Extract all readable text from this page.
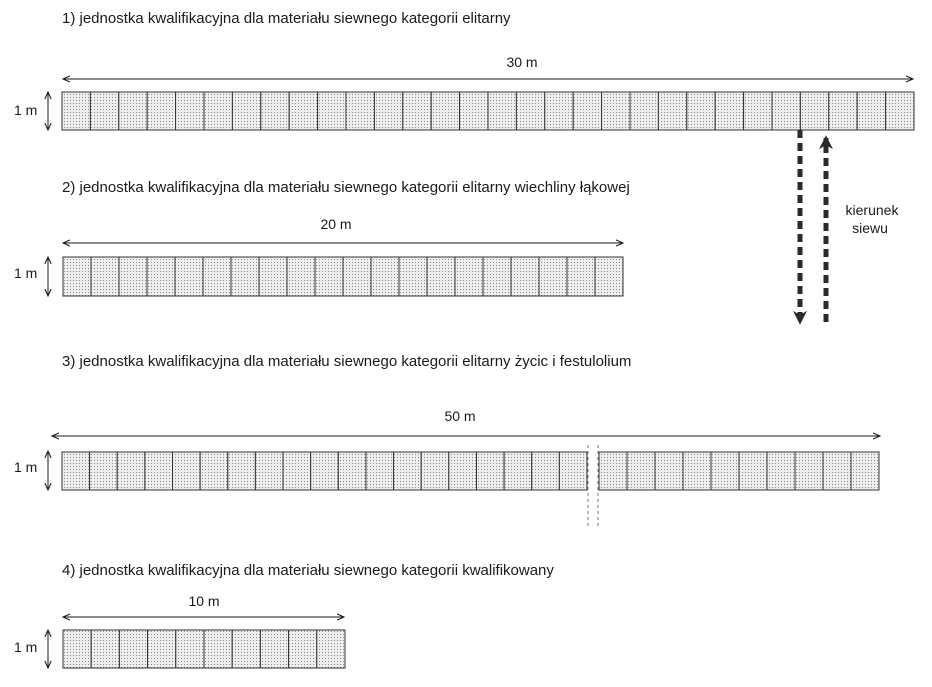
1) jednostka kwalifikacyjna dla materiału siewnego kategorii elitarny
30 m
1 m
2) jednostka kwalifikacyjna dla materiału siewnego kategorii elitarny wiechliny łąkowej
20 m
1 m
kierunek
siewu
3) jednostka kwalifikacyjna dla materiału siewnego kategorii elitarny życic i festulolium
50 m
1 m
4) jednostka kwalifikacyjna dla materiału siewnego kategorii kwalifikowany
10 m
1 m
